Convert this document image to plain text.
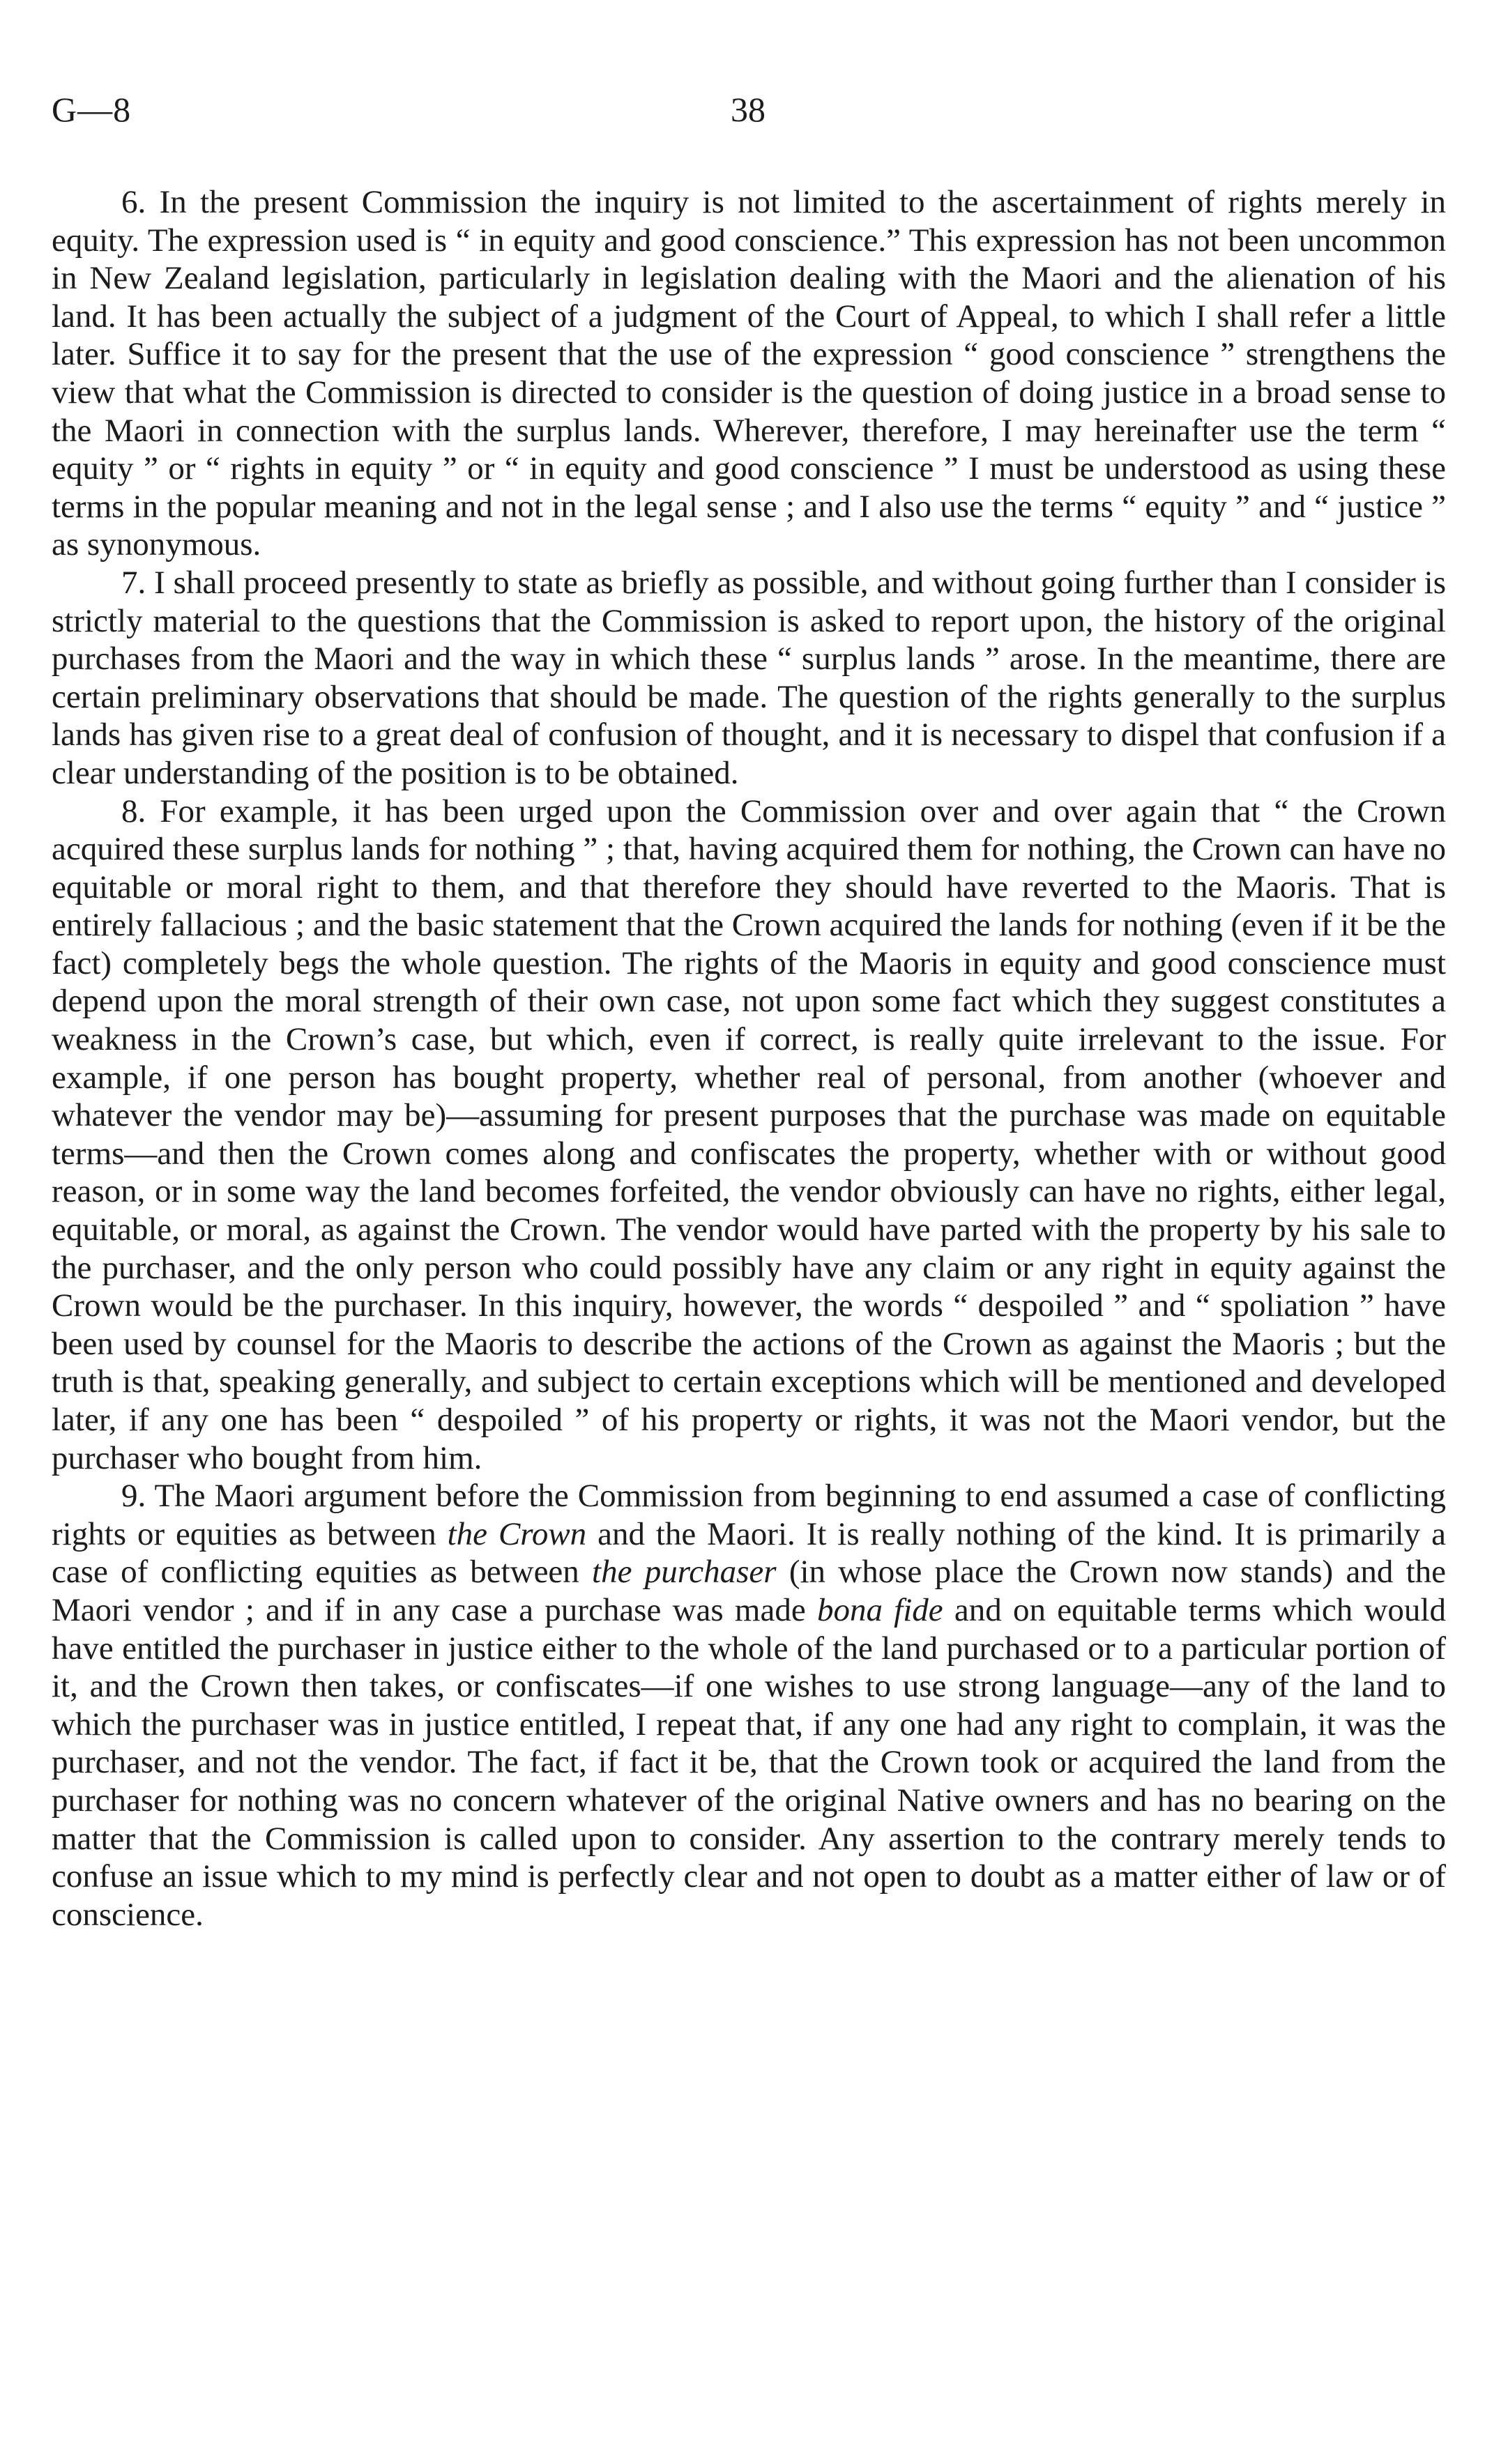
G—8	38

6. In the present Commission the inquiry is not limited to the ascertainment of rights merely in equity. The expression used is “ in equity and good conscience.” This expression has not been uncommon in New Zealand legislation, particularly in legislation dealing with the Maori and the alienation of his land. It has been actually the subject of a judgment of the Court of Appeal, to which I shall refer a little later. Suffice it to say for the present that the use of the expression “ good conscience ” strengthens the view that what the Commission is directed to consider is the question of doing justice in a broad sense to the Maori in connection with the surplus lands. Wherever, therefore, I may hereinafter use the term “ equity ” or “ rights in equity ” or “ in equity and good conscience ” I must be understood as using these terms in the popular meaning and not in the legal sense ; and I also use the terms “ equity ” and “ justice ” as synonymous.

7. I shall proceed presently to state as briefly as possible, and without going further than I consider is strictly material to the questions that the Commission is asked to report upon, the history of the original purchases from the Maori and the way in which these “ surplus lands ” arose. In the meantime, there are certain preliminary observations that should be made. The question of the rights generally to the surplus lands has given rise to a great deal of confusion of thought, and it is necessary to dispel that confusion if a clear understanding of the position is to be obtained.

8. For example, it has been urged upon the Commission over and over again that “ the Crown acquired these surplus lands for nothing ” ; that, having acquired them for nothing, the Crown can have no equitable or moral right to them, and that therefore they should have reverted to the Maoris. That is entirely fallacious ; and the basic statement that the Crown acquired the lands for nothing (even if it be the fact) completely begs the whole question. The rights of the Maoris in equity and good conscience must depend upon the moral strength of their own case, not upon some fact which they suggest constitutes a weakness in the Crown’s case, but which, even if correct, is really quite irrelevant to the issue. For example, if one person has bought property, whether real of personal, from another (whoever and whatever the vendor may be)—assuming for present purposes that the purchase was made on equitable terms—and then the Crown comes along and confiscates the property, whether with or without good reason, or in some way the land becomes forfeited, the vendor obviously can have no rights, either legal, equitable, or moral, as against the Crown. The vendor would have parted with the property by his sale to the purchaser, and the only person who could possibly have any claim or any right in equity against the Crown would be the purchaser. In this inquiry, however, the words “ despoiled ” and “ spoliation ” have been used by counsel for the Maoris to describe the actions of the Crown as against the Maoris ; but the truth is that, speaking generally, and subject to certain exceptions which will be mentioned and developed later, if any one has been “ despoiled ” of his property or rights, it was not the Maori vendor, but the purchaser who bought from him.

9. The Maori argument before the Commission from beginning to end assumed a case of conflicting rights or equities as between the Crown and the Maori. It is really nothing of the kind. It is primarily a case of conflicting equities as between the purchaser (in whose place the Crown now stands) and the Maori vendor ; and if in any case a purchase was made bona fide and on equitable terms which would have entitled the purchaser in justice either to the whole of the land purchased or to a particular portion of it, and the Crown then takes, or confiscates—if one wishes to use strong language—any of the land to which the purchaser was in justice entitled, I repeat that, if any one had any right to complain, it was the purchaser, and not the vendor. The fact, if fact it be, that the Crown took or acquired the land from the purchaser for nothing was no concern whatever of the original Native owners and has no bearing on the matter that the Commission is called upon to consider. Any assertion to the contrary merely tends to confuse an issue which to my mind is perfectly clear and not open to doubt as a matter either of law or of conscience.
